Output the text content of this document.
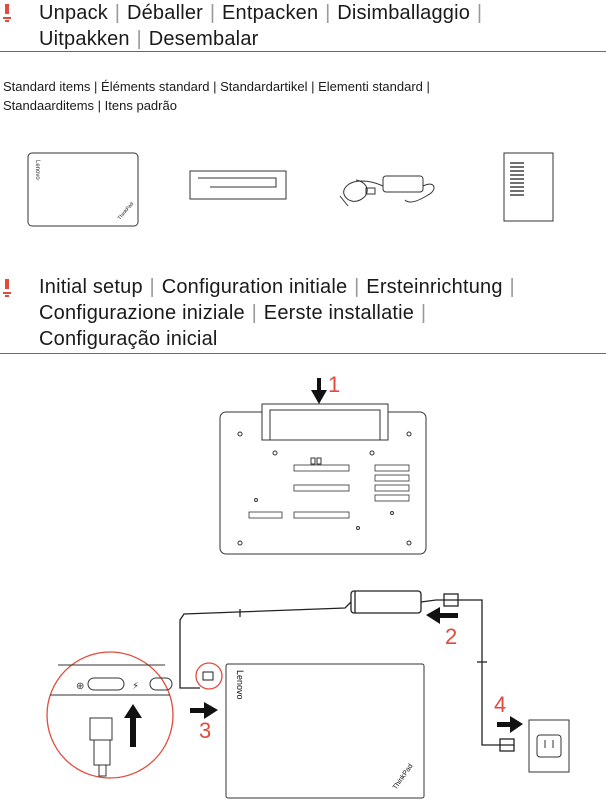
Unpack | Déballer | Entpacken | Disimballaggio |
Uitpakken | Desembalar
Standard items | Éléments standard | Standardartikel | Elementi standard |
Standaarditems | Itens padrão
Lenovo
ThinkPad
Lenovo
ThinkPad
⊕	⚡
Initial setup | Configuration initiale | Ersteinrichtung |
Configurazione iniziale | Eerste installatie |
Configuração inicial
1
2
3
4
